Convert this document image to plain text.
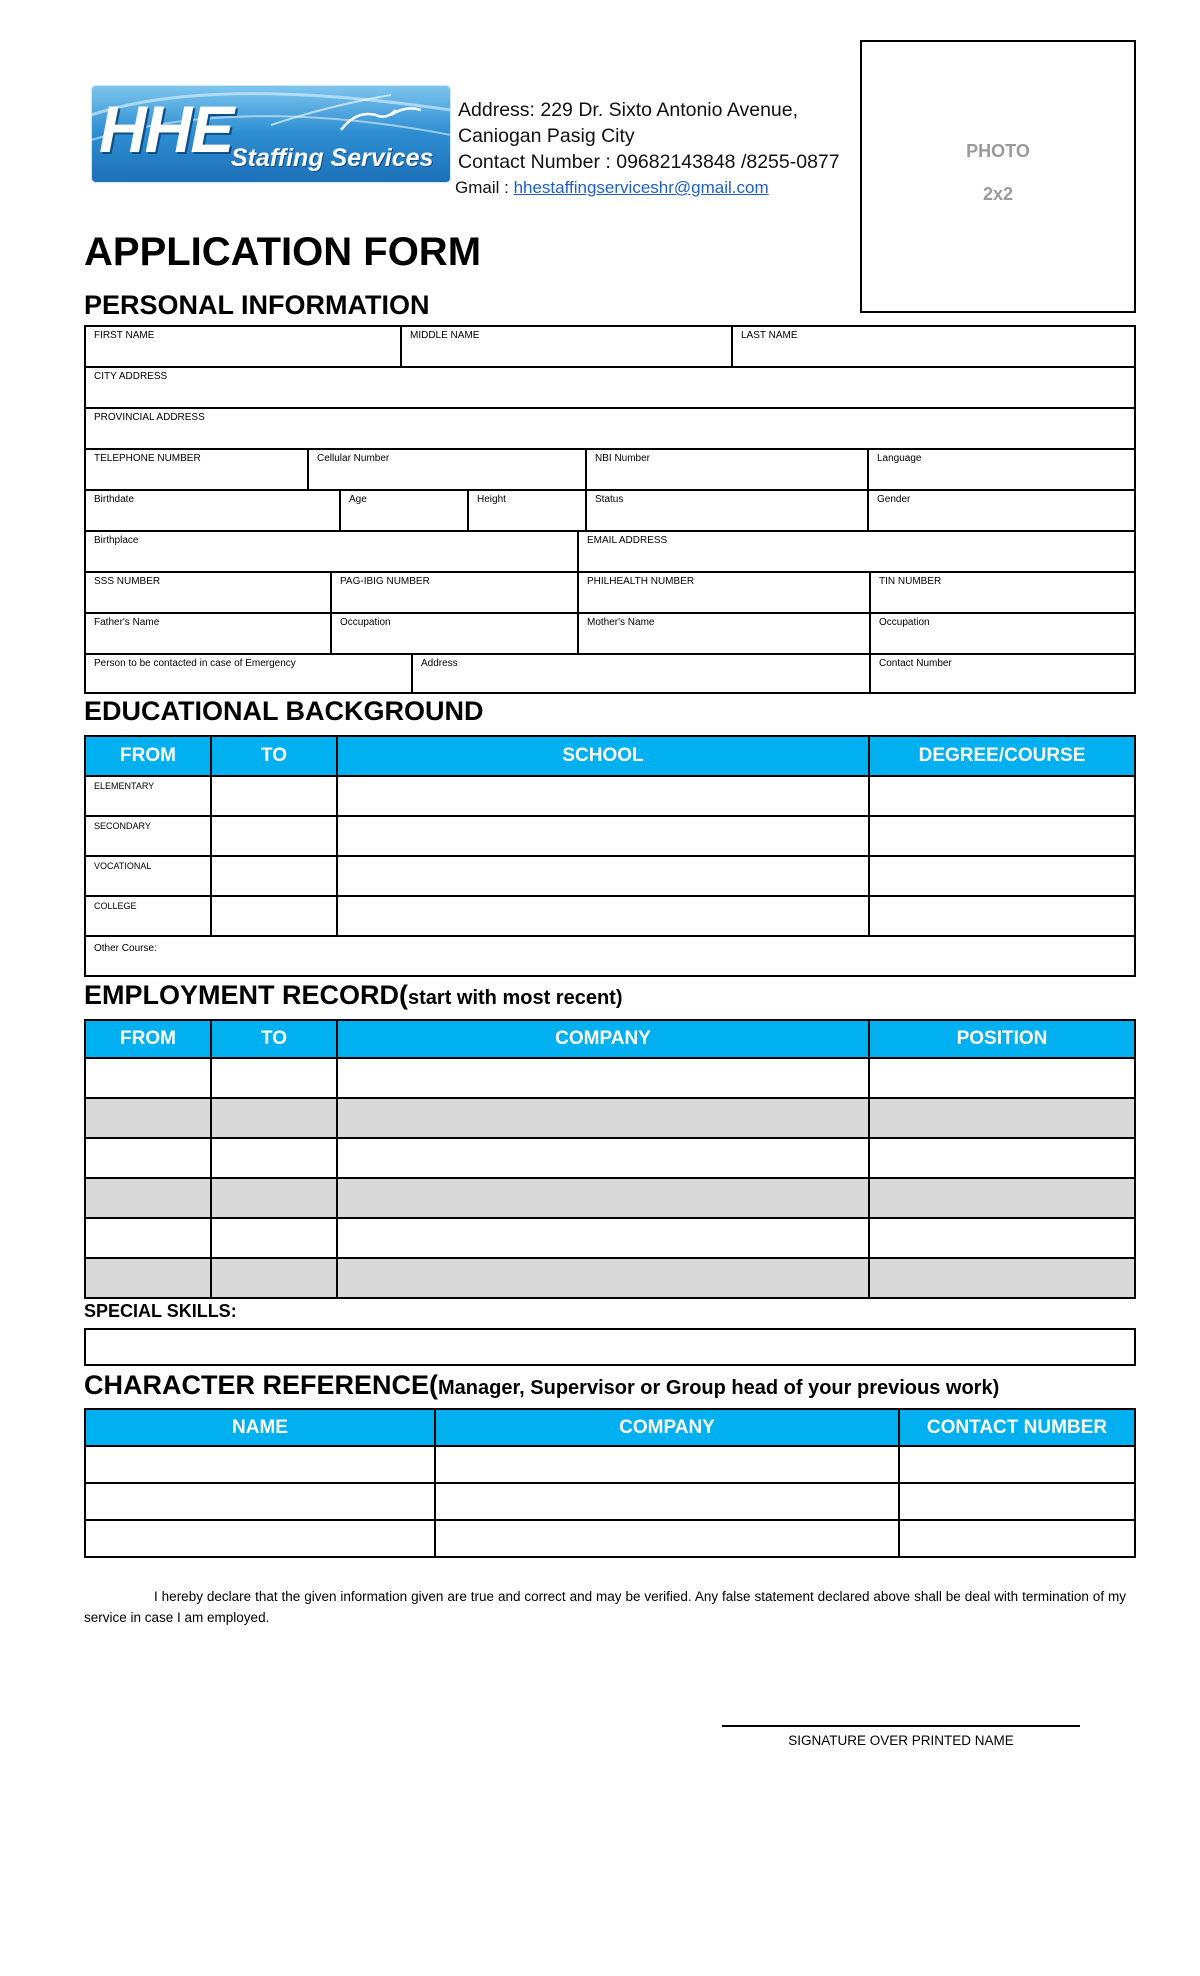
HHE
Staffing Services
Address: 229 Dr. Sixto Antonio Avenue,
Caniogan Pasig City
Contact Number : 09682143848 /8255-0877
Gmail : hhestaffingserviceshr@gmail.com
PHOTO
2x2
APPLICATION FORM
PERSONAL INFORMATION
FIRST NAME	MIDDLE NAME	LAST NAME
CITY ADDRESS
PROVINCIAL ADDRESS
TELEPHONE NUMBER	Cellular Number	NBI Number	Language
Birthdate	Age	Height	Status	Gender
Birthplace	EMAIL ADDRESS
SSS NUMBER	PAG-IBIG NUMBER	PHILHEALTH NUMBER	TIN NUMBER
Father's Name	Occupation	Mother's Name	Occupation
Person to be contacted in case of Emergency	Address	Contact Number
EDUCATIONAL BACKGROUND
FROM	TO	SCHOOL	DEGREE/COURSE
ELEMENTARY			
SECONDARY			
VOCATIONAL			
COLLEGE			
Other Course:			
EMPLOYMENT RECORD(start with most recent)
FROM	TO	COMPANY	POSITION

SPECIAL SKILLS:
CHARACTER REFERENCE(Manager, Supervisor or Group head of your previous work)
NAME	COMPANY	CONTACT NUMBER

I hereby declare that the given information given are true and correct and may be verified. Any false statement declared above shall be deal with termination of my service in case I am employed.
SIGNATURE OVER PRINTED NAME
